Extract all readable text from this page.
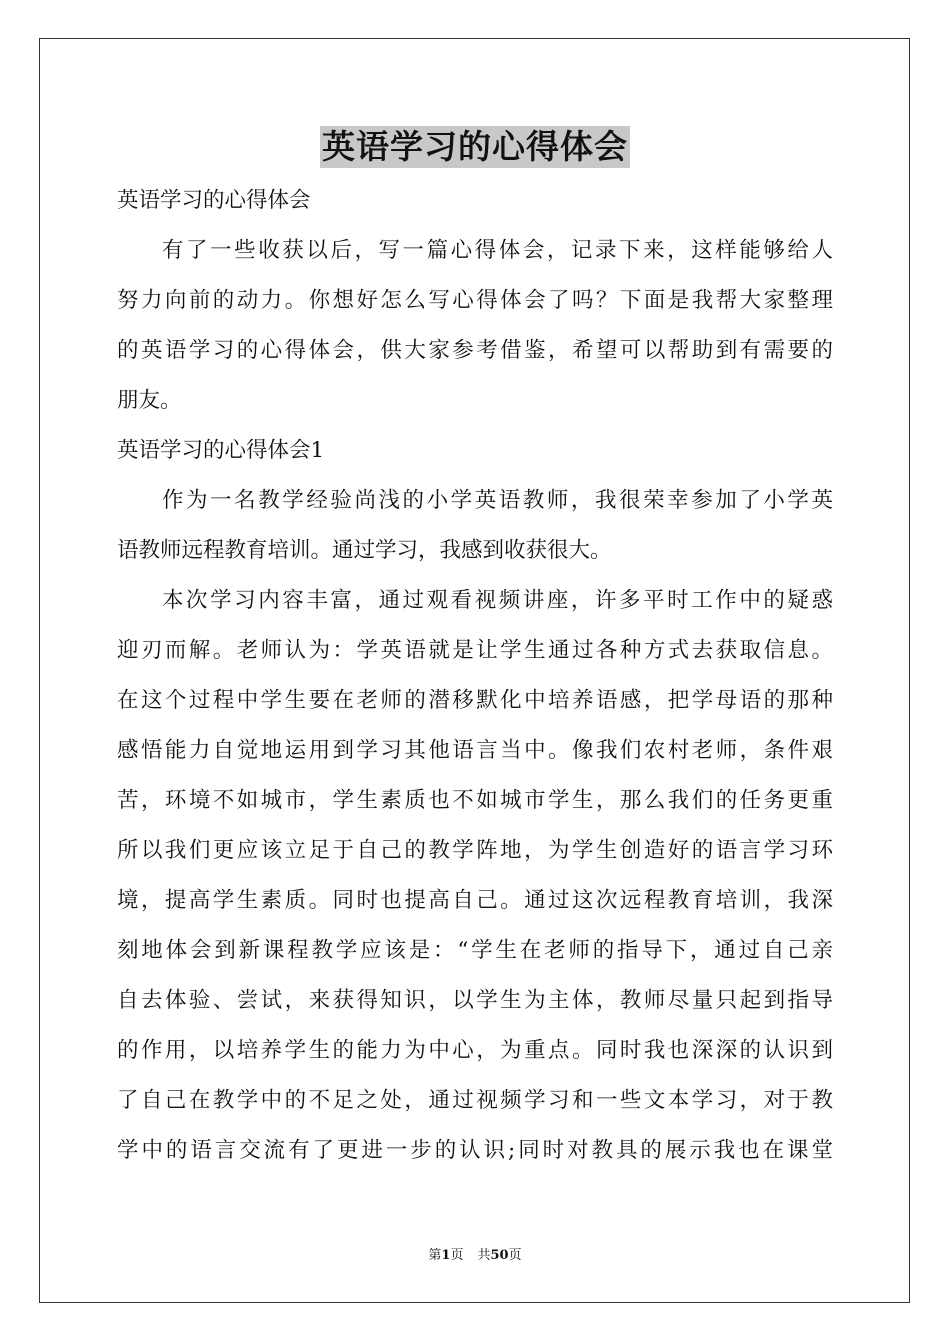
英语学习的心得体会
英语学习的心得体会
有了一些收获以后，写一篇心得体会，记录下来，这样能够给人
努力向前的动力。你想好怎么写心得体会了吗？下面是我帮大家整理
的英语学习的心得体会，供大家参考借鉴，希望可以帮助到有需要的
朋友。
英语学习的心得体会1
作为一名教学经验尚浅的小学英语教师，我很荣幸参加了小学英
语教师远程教育培训。通过学习，我感到收获很大。
本次学习内容丰富，通过观看视频讲座，许多平时工作中的疑惑
迎刃而解。老师认为：学英语就是让学生通过各种方式去获取信息。
在这个过程中学生要在老师的潜移默化中培养语感，把学母语的那种
感悟能力自觉地运用到学习其他语言当中。像我们农村老师，条件艰
苦，环境不如城市，学生素质也不如城市学生，那么我们的任务更重
所以我们更应该立足于自己的教学阵地，为学生创造好的语言学习环
境，提高学生素质。同时也提高自己。通过这次远程教育培训，我深
刻地体会到新课程教学应该是：“学生在老师的指导下，通过自己亲
自去体验、尝试，来获得知识，以学生为主体，教师尽量只起到指导
的作用，以培养学生的能力为中心，为重点。同时我也深深的认识到
了自己在教学中的不足之处，通过视频学习和一些文本学习，对于教
学中的语言交流有了更进一步的认识;同时对教具的展示我也在课堂
第1页 共50页
